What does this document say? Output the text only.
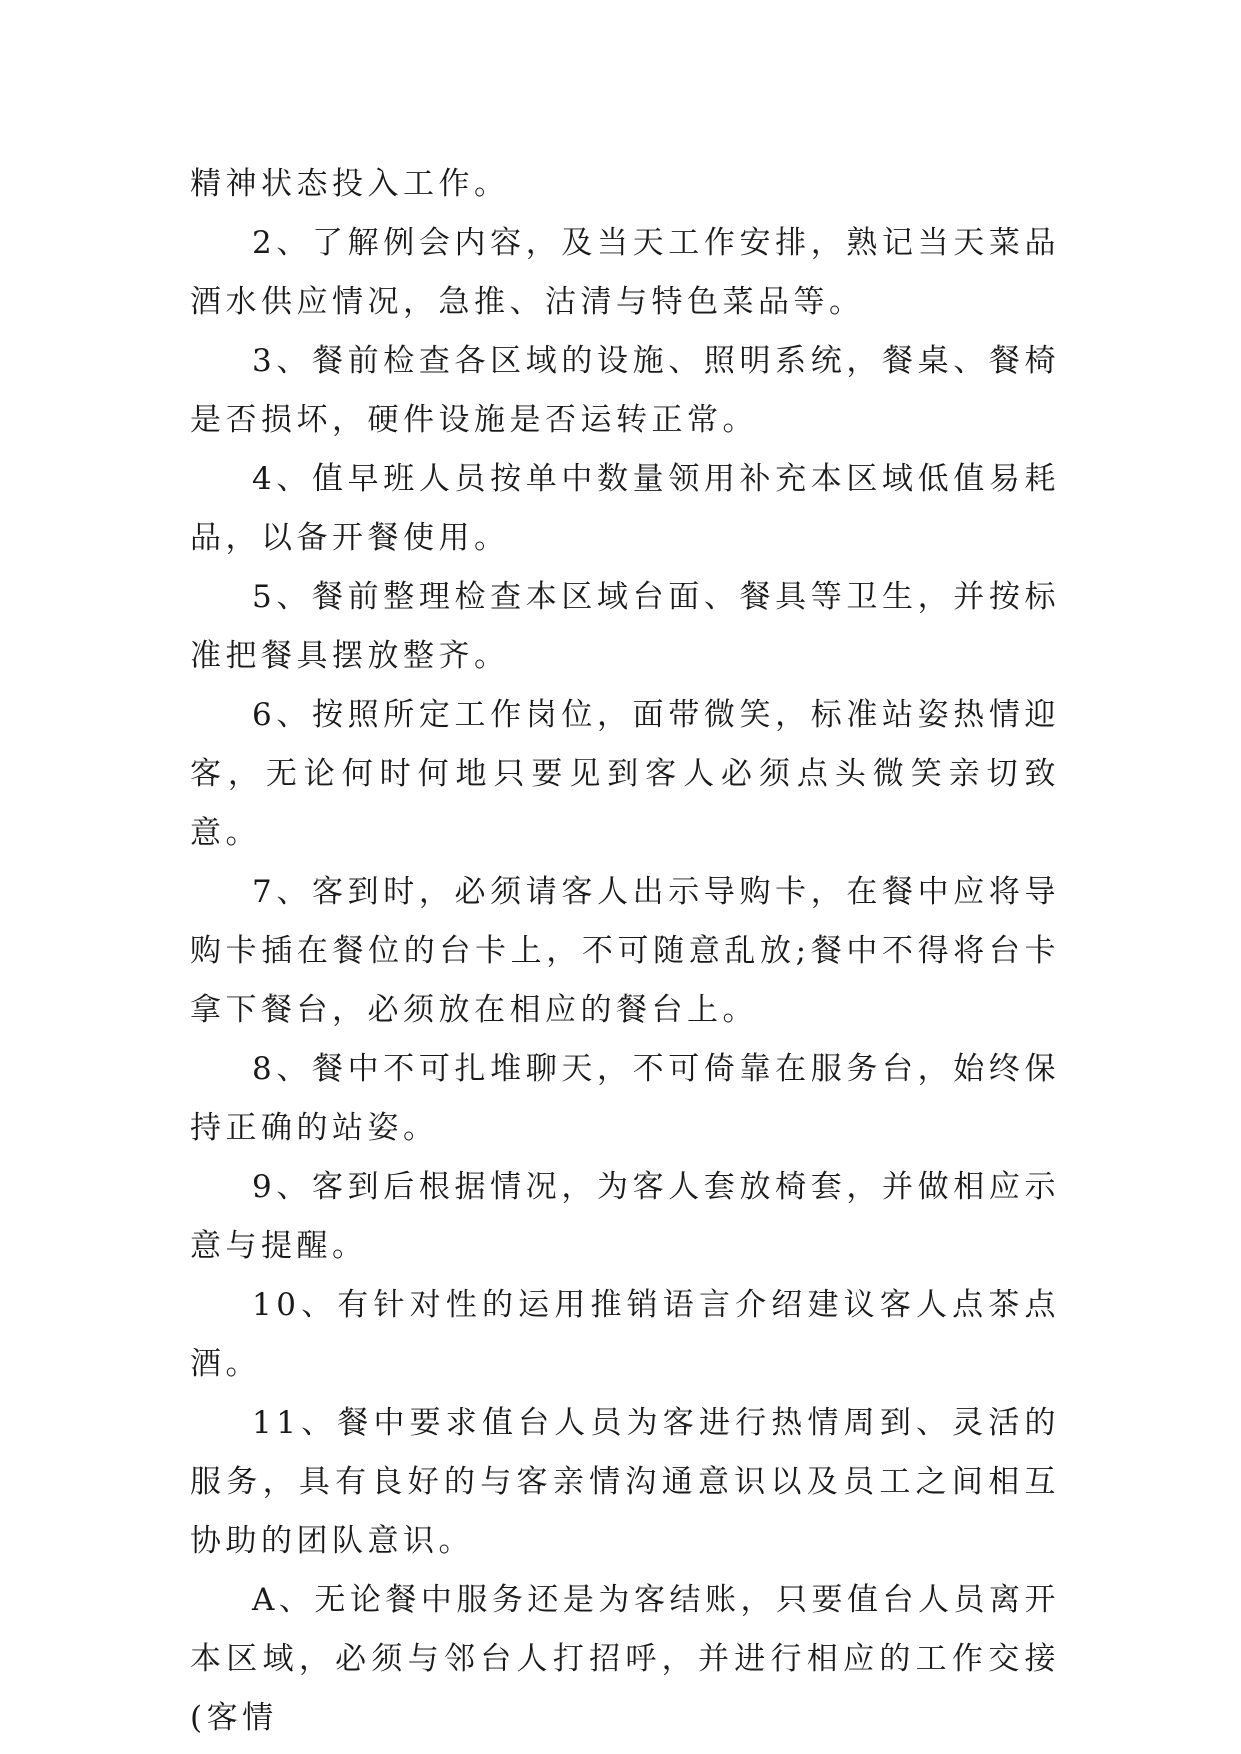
精神状态投入工作。

2、了解例会内容，及当天工作安排，熟记当天菜品酒水供应情况，急推、沽清与特色菜品等。

3、餐前检查各区域的设施、照明系统，餐桌、餐椅是否损坏，硬件设施是否运转正常。

4、值早班人员按单中数量领用补充本区域低值易耗品，以备开餐使用。

5、餐前整理检查本区域台面、餐具等卫生，并按标准把餐具摆放整齐。

6、按照所定工作岗位，面带微笑，标准站姿热情迎客，无论何时何地只要见到客人必须点头微笑亲切致意。

7、客到时，必须请客人出示导购卡，在餐中应将导购卡插在餐位的台卡上，不可随意乱放;餐中不得将台卡拿下餐台，必须放在相应的餐台上。

8、餐中不可扎堆聊天，不可倚靠在服务台，始终保持正确的站姿。

9、客到后根据情况，为客人套放椅套，并做相应示意与提醒。

10、有针对性的运用推销语言介绍建议客人点茶点酒。

11、餐中要求值台人员为客进行热情周到、灵活的服务，具有良好的与客亲情沟通意识以及员工之间相互协助的团队意识。

A、无论餐中服务还是为客结账，只要值台人员离开本区域，必须与邻台人打招呼，并进行相应的工作交接(客情
